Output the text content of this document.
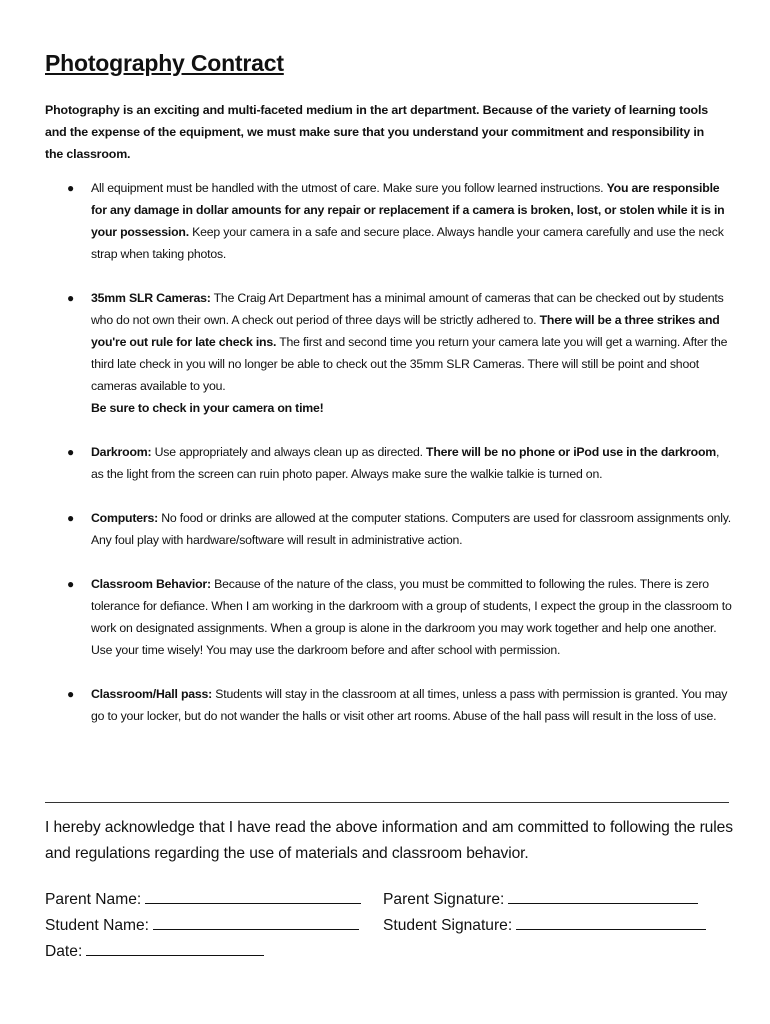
Photography Contract

Photography is an exciting and multi-faceted medium in the art department. Because of the variety of learning tools and the expense of the equipment, we must make sure that you understand your commitment and responsibility in the classroom.

● All equipment must be handled with the utmost of care. Make sure you follow learned instructions. You are responsible for any damage in dollar amounts for any repair or replacement if a camera is broken, lost, or stolen while it is in your possession. Keep your camera in a safe and secure place. Always handle your camera carefully and use the neck strap when taking photos.
● 35mm SLR Cameras: The Craig Art Department has a minimal amount of cameras that can be checked out by students who do not own their own. A check out period of three days will be strictly adhered to. There will be a three strikes and you're out rule for late check ins. The first and second time you return your camera late you will get a warning. After the third late check in you will no longer be able to check out the 35mm SLR Cameras. There will still be point and shoot cameras available to you.
Be sure to check in your camera on time!
● Darkroom: Use appropriately and always clean up as directed. There will be no phone or iPod use in the darkroom, as the light from the screen can ruin photo paper. Always make sure the walkie talkie is turned on.
● Computers: No food or drinks are allowed at the computer stations. Computers are used for classroom assignments only. Any foul play with hardware/software will result in administrative action.
● Classroom Behavior: Because of the nature of the class, you must be committed to following the rules. There is zero tolerance for defiance. When I am working in the darkroom with a group of students, I expect the group in the classroom to work on designated assignments. When a group is alone in the darkroom you may work together and help one another. Use your time wisely! You may use the darkroom before and after school with permission.
● Classroom/Hall pass: Students will stay in the classroom at all times, unless a pass with permission is granted. You may go to your locker, but do not wander the halls or visit other art rooms. Abuse of the hall pass will result in the loss of use.

I hereby acknowledge that I have read the above information and am committed to following the rules and regulations regarding the use of materials and classroom behavior.

Parent Name:	Parent Signature:
Student Name:	Student Signature:
Date:
